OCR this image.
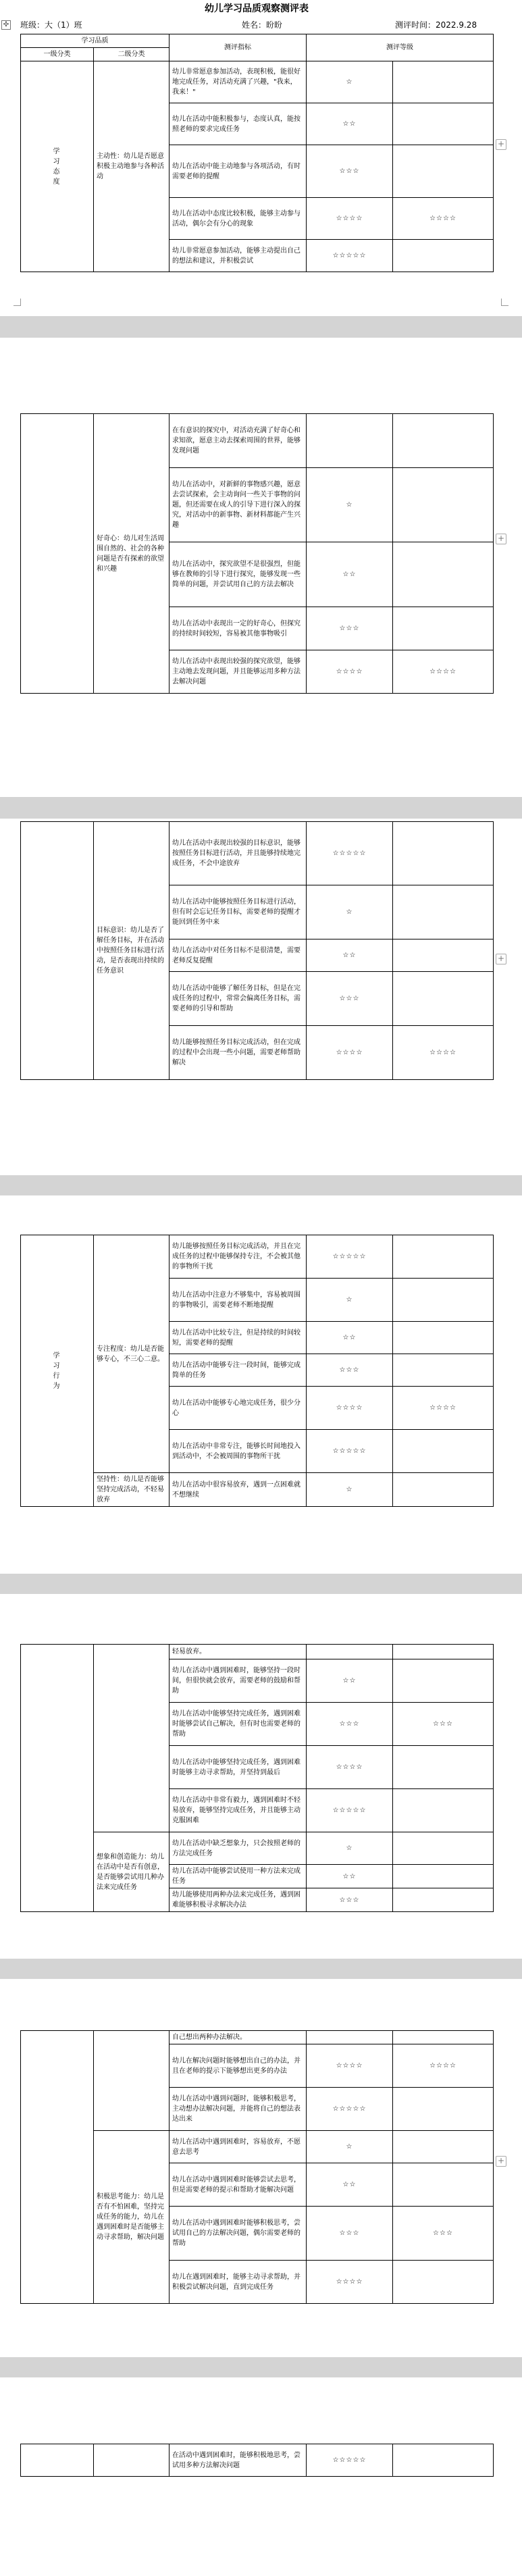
✣
幼儿学习品质观察测评表
班级：大（1）班	姓名：昐昐	测评时间：2022.9.28
学习品质		测评指标	测评等级	
一级分类	二级分类			
学习态度	主动性：幼儿是否愿意积极主动地参与各种活动	幼儿非常愿意参加活动，表现积极，能很好地完成任务，对活动充满了兴趣，"我来，我来！"	☆	
		幼儿在活动中能积极参与，态度认真，能按照老师的要求完成任务	☆☆	
		幼儿在活动中能主动地参与各项活动，有时需要老师的提醒	☆☆☆	
		幼儿在活动中态度比较积极，能够主动参与活动，偶尔会有分心的现象	☆☆☆☆	☆☆☆☆
		幼儿非常愿意参加活动，能够主动提出自己的想法和建议，并积极尝试	☆☆☆☆☆	
+
	好奇心：幼儿对生活周围自然的、社会的各种问题是否有探索的欲望和兴趣	在有意识的探究中，对活动充满了好奇心和求知欲，愿意主动去探索周围的世界，能够发现问题		
		幼儿在活动中，对新鲜的事物感兴趣，愿意去尝试探索，会主动询问一些关于事物的问题，但还需要在成人的引导下进行深入的探究，对活动中的新事物、新材料都能产生兴趣	☆	
		幼儿在活动中，探究欲望不是很强烈，但能够在教师的引导下进行探究，能够发现一些简单的问题，并尝试用自己的方法去解决	☆☆	
		幼儿在活动中表现出一定的好奇心，但探究的持续时间较短，容易被其他事物吸引	☆☆☆	
		幼儿在活动中表现出较强的探究欲望，能够主动地去发现问题，并且能够运用多种方法去解决问题	☆☆☆☆	☆☆☆☆
+
	目标意识：幼儿是否了解任务目标，并在活动中按照任务目标进行活动，是否表现出持续的任务意识	幼儿在活动中表现出较强的目标意识，能够按照任务目标进行活动，并且能够持续地完成任务，不会中途放弃	☆☆☆☆☆	
		幼儿在活动中能够按照任务目标进行活动，但有时会忘记任务目标，需要老师的提醒才能回到任务中来	☆	
		幼儿在活动中对任务目标不是很清楚，需要老师反复提醒	☆☆	
		幼儿在活动中能够了解任务目标，但是在完成任务的过程中，常常会偏离任务目标，需要老师的引导和帮助	☆☆☆	
		幼儿能够按照任务目标完成活动，但在完成的过程中会出现一些小问题，需要老师帮助解决	☆☆☆☆	☆☆☆☆
+
学习行为	专注程度：幼儿是否能够专心，不三心二意。	幼儿能够按照任务目标完成活动，并且在完成任务的过程中能够保持专注，不会被其他的事物所干扰	☆☆☆☆☆	
		幼儿在活动中注意力不够集中，容易被周围的事物吸引，需要老师不断地提醒	☆	
		幼儿在活动中比较专注，但是持续的时间较短，需要老师的提醒	☆☆	
		幼儿在活动中能够专注一段时间，能够完成简单的任务	☆☆☆	
		幼儿在活动中能够专心地完成任务，很少分心	☆☆☆☆	☆☆☆☆
		幼儿在活动中非常专注，能够长时间地投入到活动中，不会被周围的事物所干扰	☆☆☆☆☆	
	坚持性：幼儿是否能够坚持完成活动，不轻易放弃	幼儿在活动中很容易放弃，遇到一点困难就不想继续	☆	
		轻易放弃。		
		幼儿在活动中遇到困难时，能够坚持一段时间，但很快就会放弃，需要老师的鼓励和帮助	☆☆	
		幼儿在活动中能够坚持完成任务，遇到困难时能够尝试自己解决，但有时也需要老师的帮助	☆☆☆	☆☆☆
		幼儿在活动中能够坚持完成任务，遇到困难时能够主动寻求帮助，并坚持到最后	☆☆☆☆	
		幼儿在活动中非常有毅力，遇到困难时不轻易放弃，能够坚持完成任务，并且能够主动克服困难	☆☆☆☆☆	
	想象和创造能力：幼儿在活动中是否有创意，是否能够尝试用几种办法来完成任务	幼儿在活动中缺乏想象力，只会按照老师的方法完成任务	☆	
		幼儿在活动中能够尝试使用一种方法来完成任务	☆☆	
		幼儿能够使用两种办法来完成任务，遇到困难能够积极寻求解决办法	☆☆☆	
		自己想出两种办法解决。		
		幼儿在解决问题时能够想出自己的办法，并且在老师的提示下能够想出更多的办法	☆☆☆☆	☆☆☆☆
		幼儿在活动中遇到问题时，能够积极思考，主动想办法解决问题，并能将自己的想法表达出来	☆☆☆☆☆	
	积极思考能力：幼儿是否有不怕困难，坚持完成任务的能力，幼儿在遇到困难时是否能够主动寻求帮助，解决问题	幼儿在活动中遇到困难时，容易放弃，不愿意去思考	☆	
		幼儿在活动中遇到困难时能够尝试去思考，但是需要老师的提示和帮助才能解决问题	☆☆	
		幼儿在活动中遇到困难时能够积极思考，尝试用自己的方法解决问题，偶尔需要老师的帮助	☆☆☆	☆☆☆
		幼儿在遇到困难时，能够主动寻求帮助，并积极尝试解决问题，直到完成任务	☆☆☆☆	
+
		在活动中遇到困难时，能够积极地思考，尝试用多种方法解决问题	☆☆☆☆☆	
